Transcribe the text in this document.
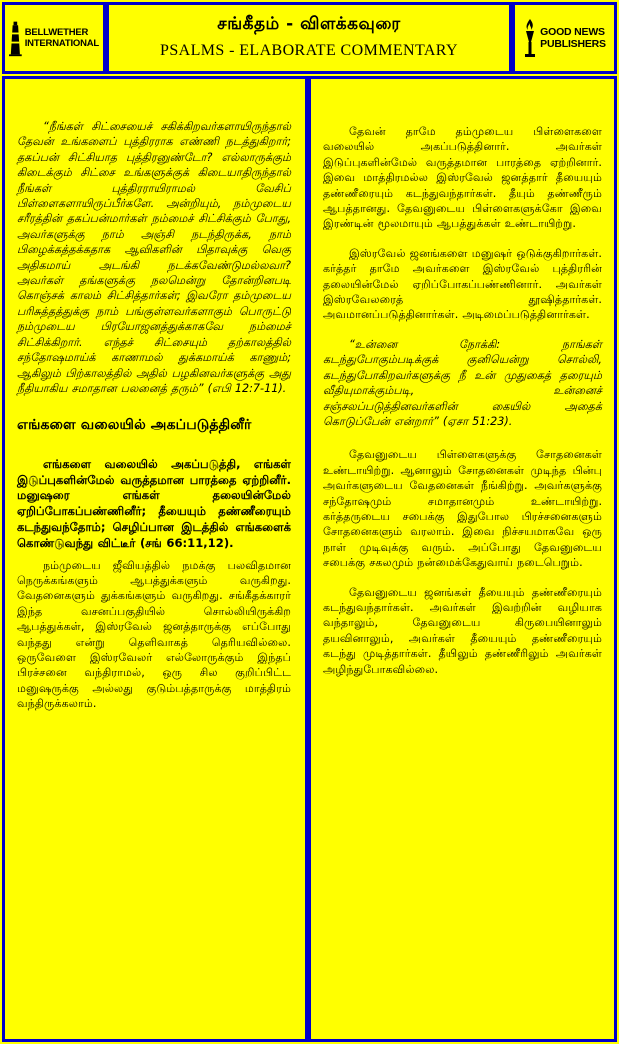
BELLWETHER
INTERNATIONAL
சங்கீதம் - விளக்கவுரை
PSALMS - ELABORATE COMMENTARY
GOOD NEWS
PUBLISHERS

“நீங்கள் சிட்சையைச் சகிக்கிறவர்களாயிருந்தால் தேவன் உங்களைப் புத்திரராக எண்ணி நடத்துகிறார்; தகப்பன் சிட்சியாத புத்திரனுண்டோ? எல்லாருக்கும் கிடைக்கும் சிட்சை உங்களுக்குக் கிடையாதிருந்தால் நீங்கள் புத்திரராயிராமல் வேசிப் பிள்ளைகளாயிருப்பீர்களே. அன்றியும், நம்முடைய சரீரத்தின் தகப்பன்மார்கள் நம்மைச் சிட்சிக்கும் போது, அவர்களுக்கு நாம் அஞ்சி நடந்திருக்க, நாம் பிழைக்கத்தக்கதாக ஆவிகளின் பிதாவுக்கு வெகு அதிகமாய் அடங்கி நடக்கவேண்டுமல்லவா? அவர்கள் தங்களுக்கு நலமென்று தோன்றினபடி கொஞ்சக் காலம் சிட்சித்தார்கள்; இவரோ தம்முடைய பரிசுத்தத்துக்கு நாம் பங்குள்ளவர்களாகும் பொருட்டு நம்முடைய பிரயோஜனத்துக்காகவே நம்மைச் சிட்சிக்கிறார். எந்தச் சிட்சையும் தற்காலத்தில் சந்தோஷமாய்க் காணாமல் துக்கமாய்க் காணும்; ஆகிலும் பிற்காலத்தில் அதில் பழகினவர்களுக்கு அது நீதியாகிய சமாதான பலனைத் தரும்” (எபி 12:7-11).

எங்களை வலையில் அகப்படுத்தினீர்

எங்களை வலையில் அகப்படுத்தி, எங்கள் இடுப்புகளின்மேல் வருத்தமான பாரத்தை ஏற்றினீர். மனுஷரை எங்கள் தலையின்மேல் ஏறிப்போகப்பண்ணினீர்; தீயையும் தண்ணீரையும் கடந்துவந்தோம்; செழிப்பான இடத்தில் எங்களைக் கொண்டுவந்து விட்டீர் (சங் 66:11,12).

நம்முடைய ஜீவியத்தில் நமக்கு பலவிதமான நெருக்கங்களும் ஆபத்துக்களும் வருகிறது. வேதனைகளும் துக்கங்களும் வருகிறது. சங்கீதக்காரர் இந்த வசனப்பகுதியில் சொல்லியிருக்கிற ஆபத்துக்கள், இஸ்ரவேல் ஜனத்தாருக்கு எப்போது வந்தது என்று தெளிவாகத் தெரியவில்லை. ஒருவேளை இஸ்ரவேலர் எல்லோருக்கும் இந்தப் பிரச்சனை வந்திராமல், ஒரு சில குறிப்பிட்ட மனுஷருக்கு அல்லது குடும்பத்தாருக்கு மாத்திரம் வந்திருக்கலாம்.

தேவன் தாமே தம்முடைய பிள்ளைகளை வலையில் அகப்படுத்தினார். அவர்கள் இடுப்புகளின்மேல் வருத்தமான பாரத்தை ஏற்றினார். இவை மாத்திரமல்ல இஸ்ரவேல் ஜனத்தார் தீயையும் தண்ணீரையும் கடந்துவந்தார்கள். தீயும் தண்ணீரும் ஆபத்தானது. தேவனுடைய பிள்ளைகளுக்கோ இவை இரண்டின் மூலமாயும் ஆபத்துக்கள் உண்டாயிற்று.

இஸ்ரவேல் ஜனங்களை மனுஷர் ஒடுக்குகிறார்கள். கர்த்தர் தாமே அவர்களை இஸ்ரவேல் புத்திரரின் தலையின்மேல் ஏறிப்போகப்பண்ணினார். அவர்கள் இஸ்ரவேலரைத் தூஷித்தார்கள். அவமானப்படுத்தினார்கள். அடிமைப்படுத்தினார்கள்.

“உன்னை நோக்கி: நாங்கள் கடந்துபோகும்படிக்குக் குனியென்று சொல்லி, கடந்துபோகிறவர்களுக்கு நீ உன் முதுகைத் தரையும் வீதியுமாக்கும்படி, உன்னைச் சஞ்சலப்படுத்தினவர்களின் கையில் அதைக் கொடுப்பேன் என்றார்” (ஏசா 51:23).

தேவனுடைய பிள்ளைகளுக்கு சோதனைகள் உண்டாயிற்று. ஆனாலும் சோதனைகள் முடிந்த பின்பு அவர்களுடைய வேதனைகள் நீங்கிற்று. அவர்களுக்கு சந்தோஷமும் சமாதானமும் உண்டாயிற்று. கர்த்தருடைய சபைக்கு இதுபோல பிரச்சனைகளும் சோதனைகளும் வரலாம். இவை நிச்சயமாகவே ஒரு நாள் முடிவுக்கு வரும். அப்போது தேவனுடைய சபைக்கு சகலமும் நன்மைக்கேதுவாய் நடைபெறும்.

தேவனுடைய ஜனங்கள் தீயையும் தண்ணீரையும் கடந்துவந்தார்கள். அவர்கள் இவற்றின் வழியாக வந்தாலும், தேவனுடைய கிருபையினாலும் தயவினாலும், அவர்கள் தீயையும் தண்ணீரையும் கடந்து முடித்தார்கள். தீயிலும் தண்ணீரிலும் அவர்கள் அழிந்துபோகவில்லை.
